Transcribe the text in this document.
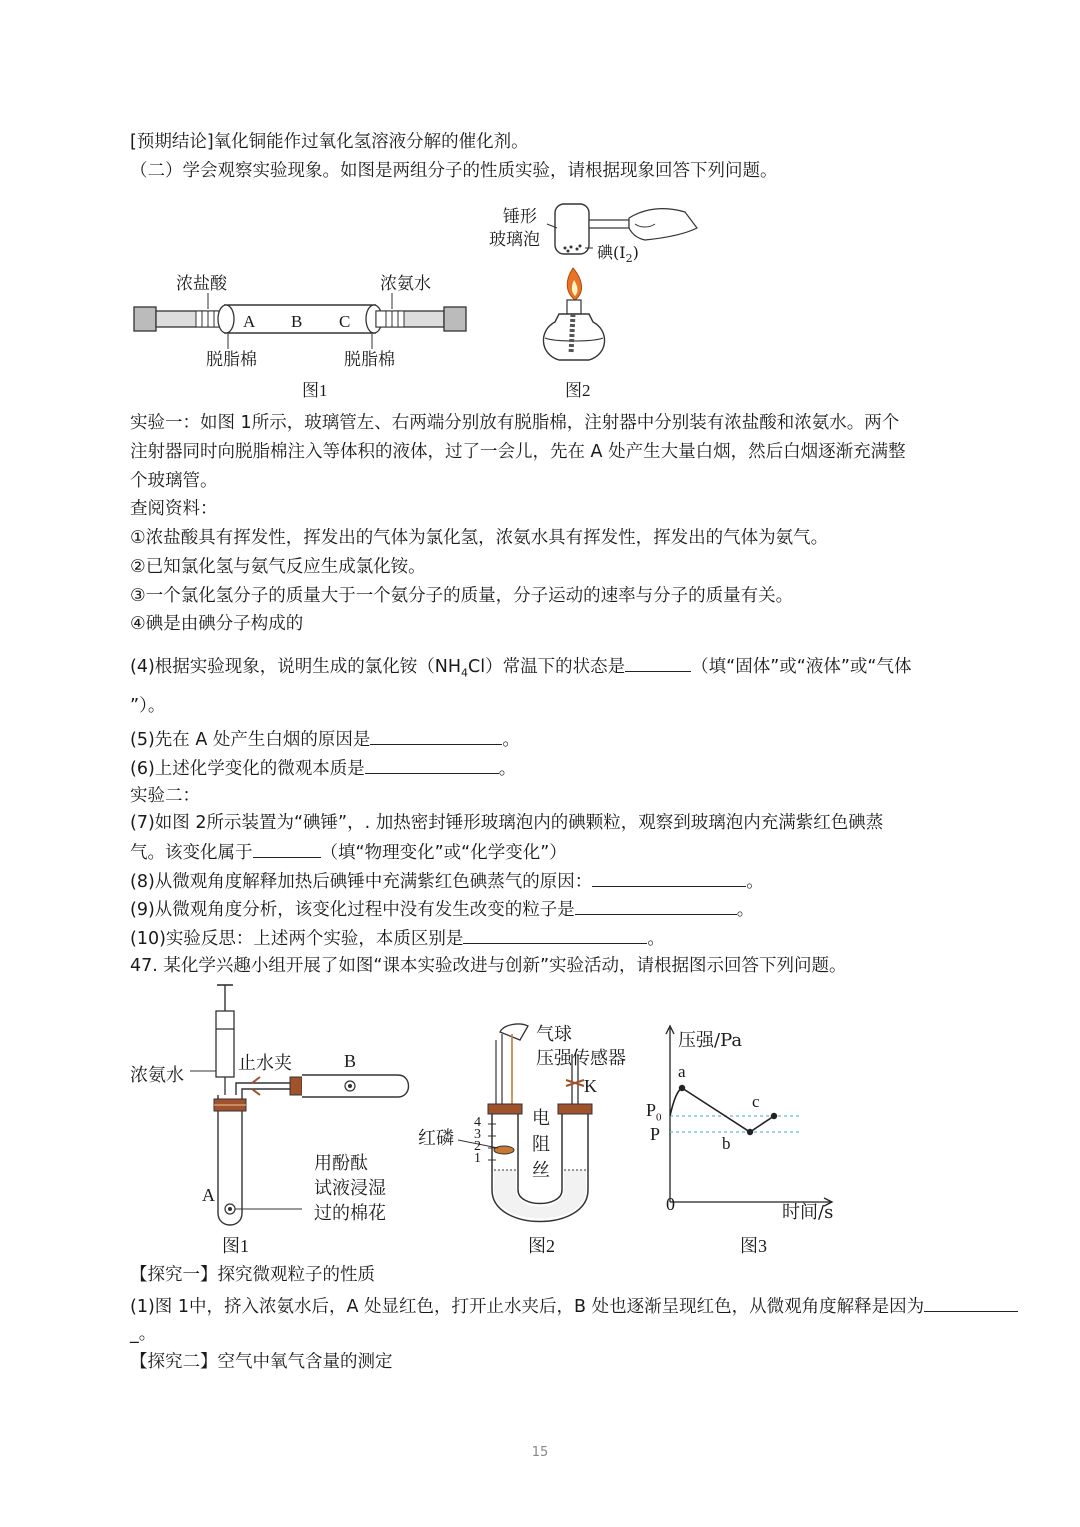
[预期结论]氧化铜能作过氧化氢溶液分解的催化剂。
（二）学会观察实验现象。如图是两组分子的性质实验，请根据现象回答下列问题。
浓盐酸	浓氨水
A B C
脱脂棉	脱脂棉
图1
锤形
玻璃泡
碘$(I_2)$
图2
实验一：如图 1所示，玻璃管左、右两端分别放有脱脂棉，注射器中分别装有浓盐酸和浓氨水。两个
注射器同时向脱脂棉注入等体积的液体，过了一会儿，先在 A 处产生大量白烟，然后白烟逐渐充满整
个玻璃管。
查阅资料：
①浓盐酸具有挥发性，挥发出的气体为氯化氢，浓氨水具有挥发性，挥发出的气体为氨气。
②已知氯化氢与氨气反应生成氯化铵。
③一个氯化氢分子的质量大于一个氨分子的质量，分子运动的速率与分子的质量有关。
④碘是由碘分子构成的
(4)根据实验现象，说明生成的氯化铵$(NH_4Cl)$常温下的状态是	（填“固体”或“液体”或“气体
”）。
(5)先在 A 处产生白烟的原因是	。
(6)上述化学变化的微观本质是	。
实验二：
(7)如图 2所示装置为“碘锤”，. 加热密封锤形玻璃泡内的碘颗粒，观察到玻璃泡内充满紫红色碘蒸
气。该变化属于	（填“物理变化”或“化学变化”）
(8)从微观角度解释加热后碘锤中充满紫红色碘蒸气的原因：	。
(9)从微观角度分析，该变化过程中没有发生改变的粒子是	。
(10)实验反思：上述两个实验，本质区别是	。
47. 某化学兴趣小组开展了如图“课本实验改进与创新”实验活动，请根据图示回答下列问题。
浓氨水
止水夹	B
A
用酚酞
试液浸湿
过的棉花
图1
气球
压强传感器
K
红磷
电
阻
丝
4
3
2
1
图2
压强/Pa
时间/s
0
$P_0$
P
a
b
c
图3
【探究一】探究微观粒子的性质
(1)图 1中，挤入浓氨水后，A 处显红色，打开止水夹后，B 处也逐渐呈现红色，从微观角度解释是因为
_。
【探究二】空气中氧气含量的测定
15
